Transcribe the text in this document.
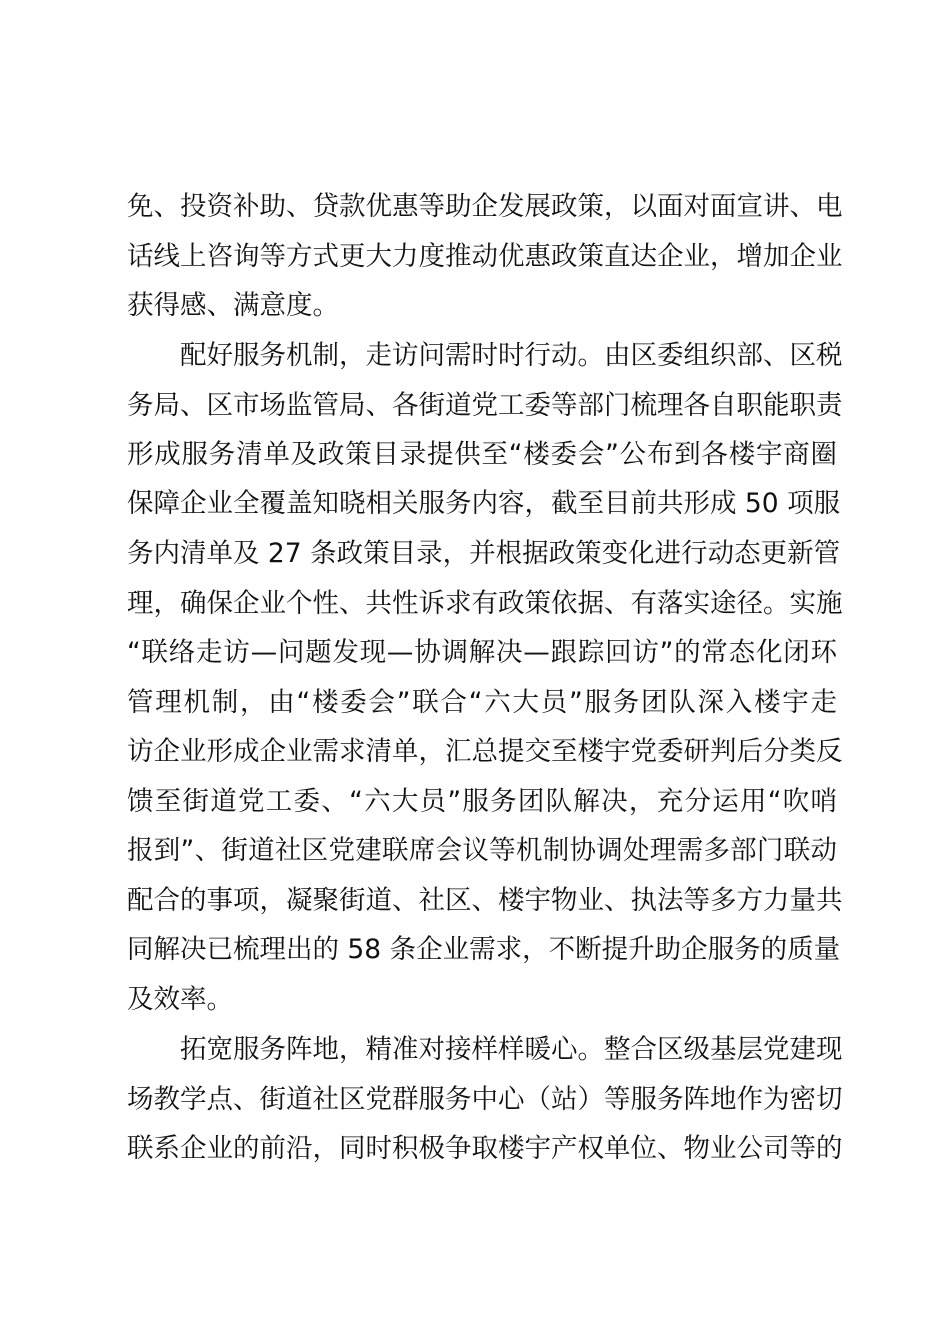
免、投资补助、贷款优惠等助企发展政策，以面对面宣讲、电
话线上咨询等方式更大力度推动优惠政策直达企业，增加企业
获得感、满意度。
配好服务机制，走访问需时时行动。由区委组织部、区税
务局、区市场监管局、各街道党工委等部门梳理各自职能职责
形成服务清单及政策目录提供至“楼委会”公布到各楼宇商圈
保障企业全覆盖知晓相关服务内容，截至目前共形成 50 项服
务内清单及 27 条政策目录，并根据政策变化进行动态更新管
理，确保企业个性、共性诉求有政策依据、有落实途径。实施
“联络走访—问题发现—协调解决—跟踪回访”的常态化闭环
管理机制，由“楼委会”联合“六大员”服务团队深入楼宇走
访企业形成企业需求清单，汇总提交至楼宇党委研判后分类反
馈至街道党工委、“六大员”服务团队解决，充分运用“吹哨
报到”、街道社区党建联席会议等机制协调处理需多部门联动
配合的事项，凝聚街道、社区、楼宇物业、执法等多方力量共
同解决已梳理出的 58 条企业需求，不断提升助企服务的质量
及效率。
拓宽服务阵地，精准对接样样暖心。整合区级基层党建现
场教学点、街道社区党群服务中心（站）等服务阵地作为密切
联系企业的前沿，同时积极争取楼宇产权单位、物业公司等的
